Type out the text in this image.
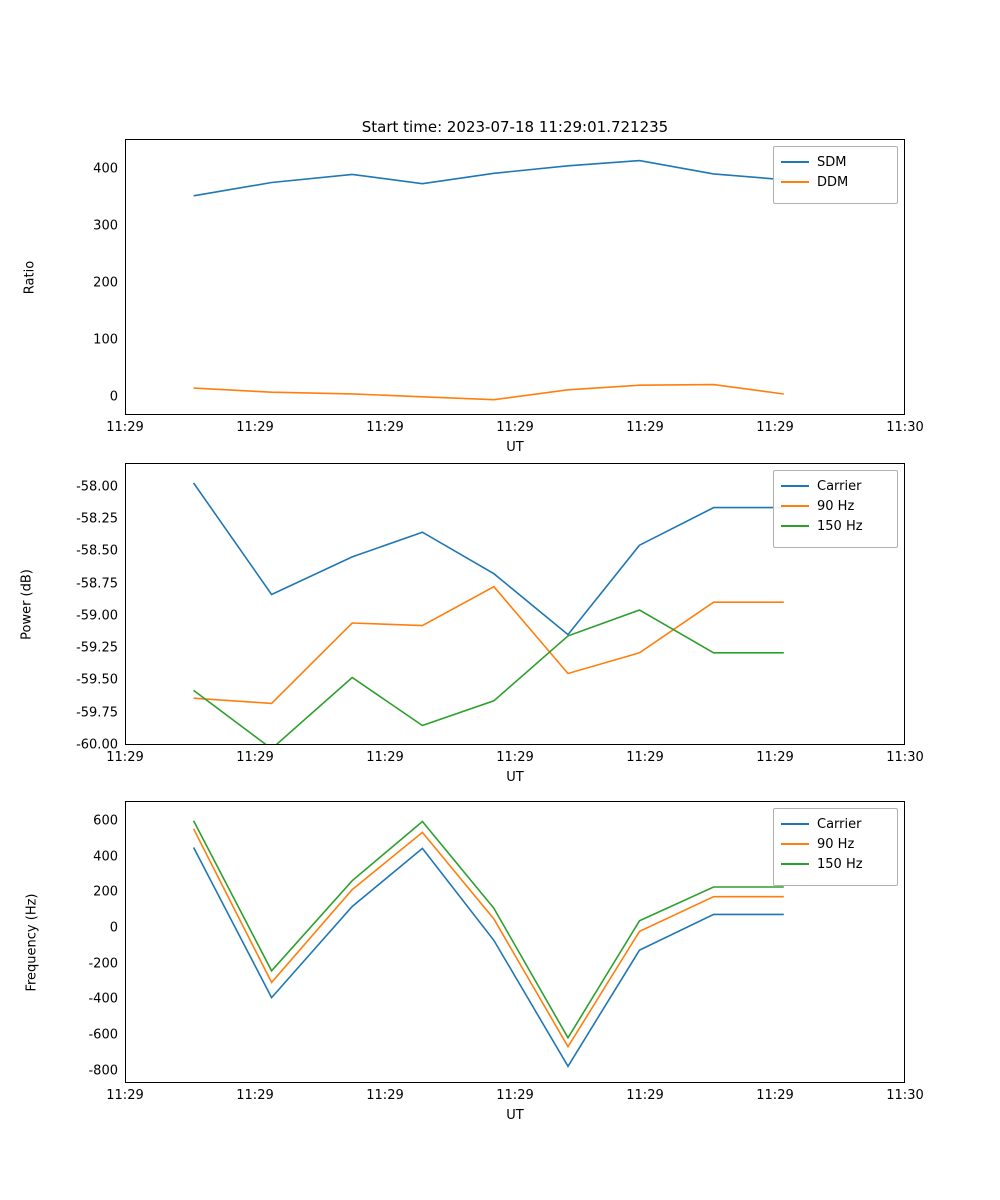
Start time: 2023-07-18 11:29:01.721235
SDM
DDM
0
100
200
300
400
11:29	11:29	11:29	11:29	11:29	11:29	11:30
UT
Ratio
Carrier
90 Hz
150 Hz
-60.00
-59.75
-59.50
-59.25
-59.00
-58.75
-58.50
-58.25
-58.00
11:29	11:29	11:29	11:29	11:29	11:29	11:30
UT
Power (dB)
Carrier
90 Hz
150 Hz
-800
-600
-400
-200
0
200
400
600
11:29	11:29	11:29	11:29	11:29	11:29	11:30
UT
Frequency (Hz)
